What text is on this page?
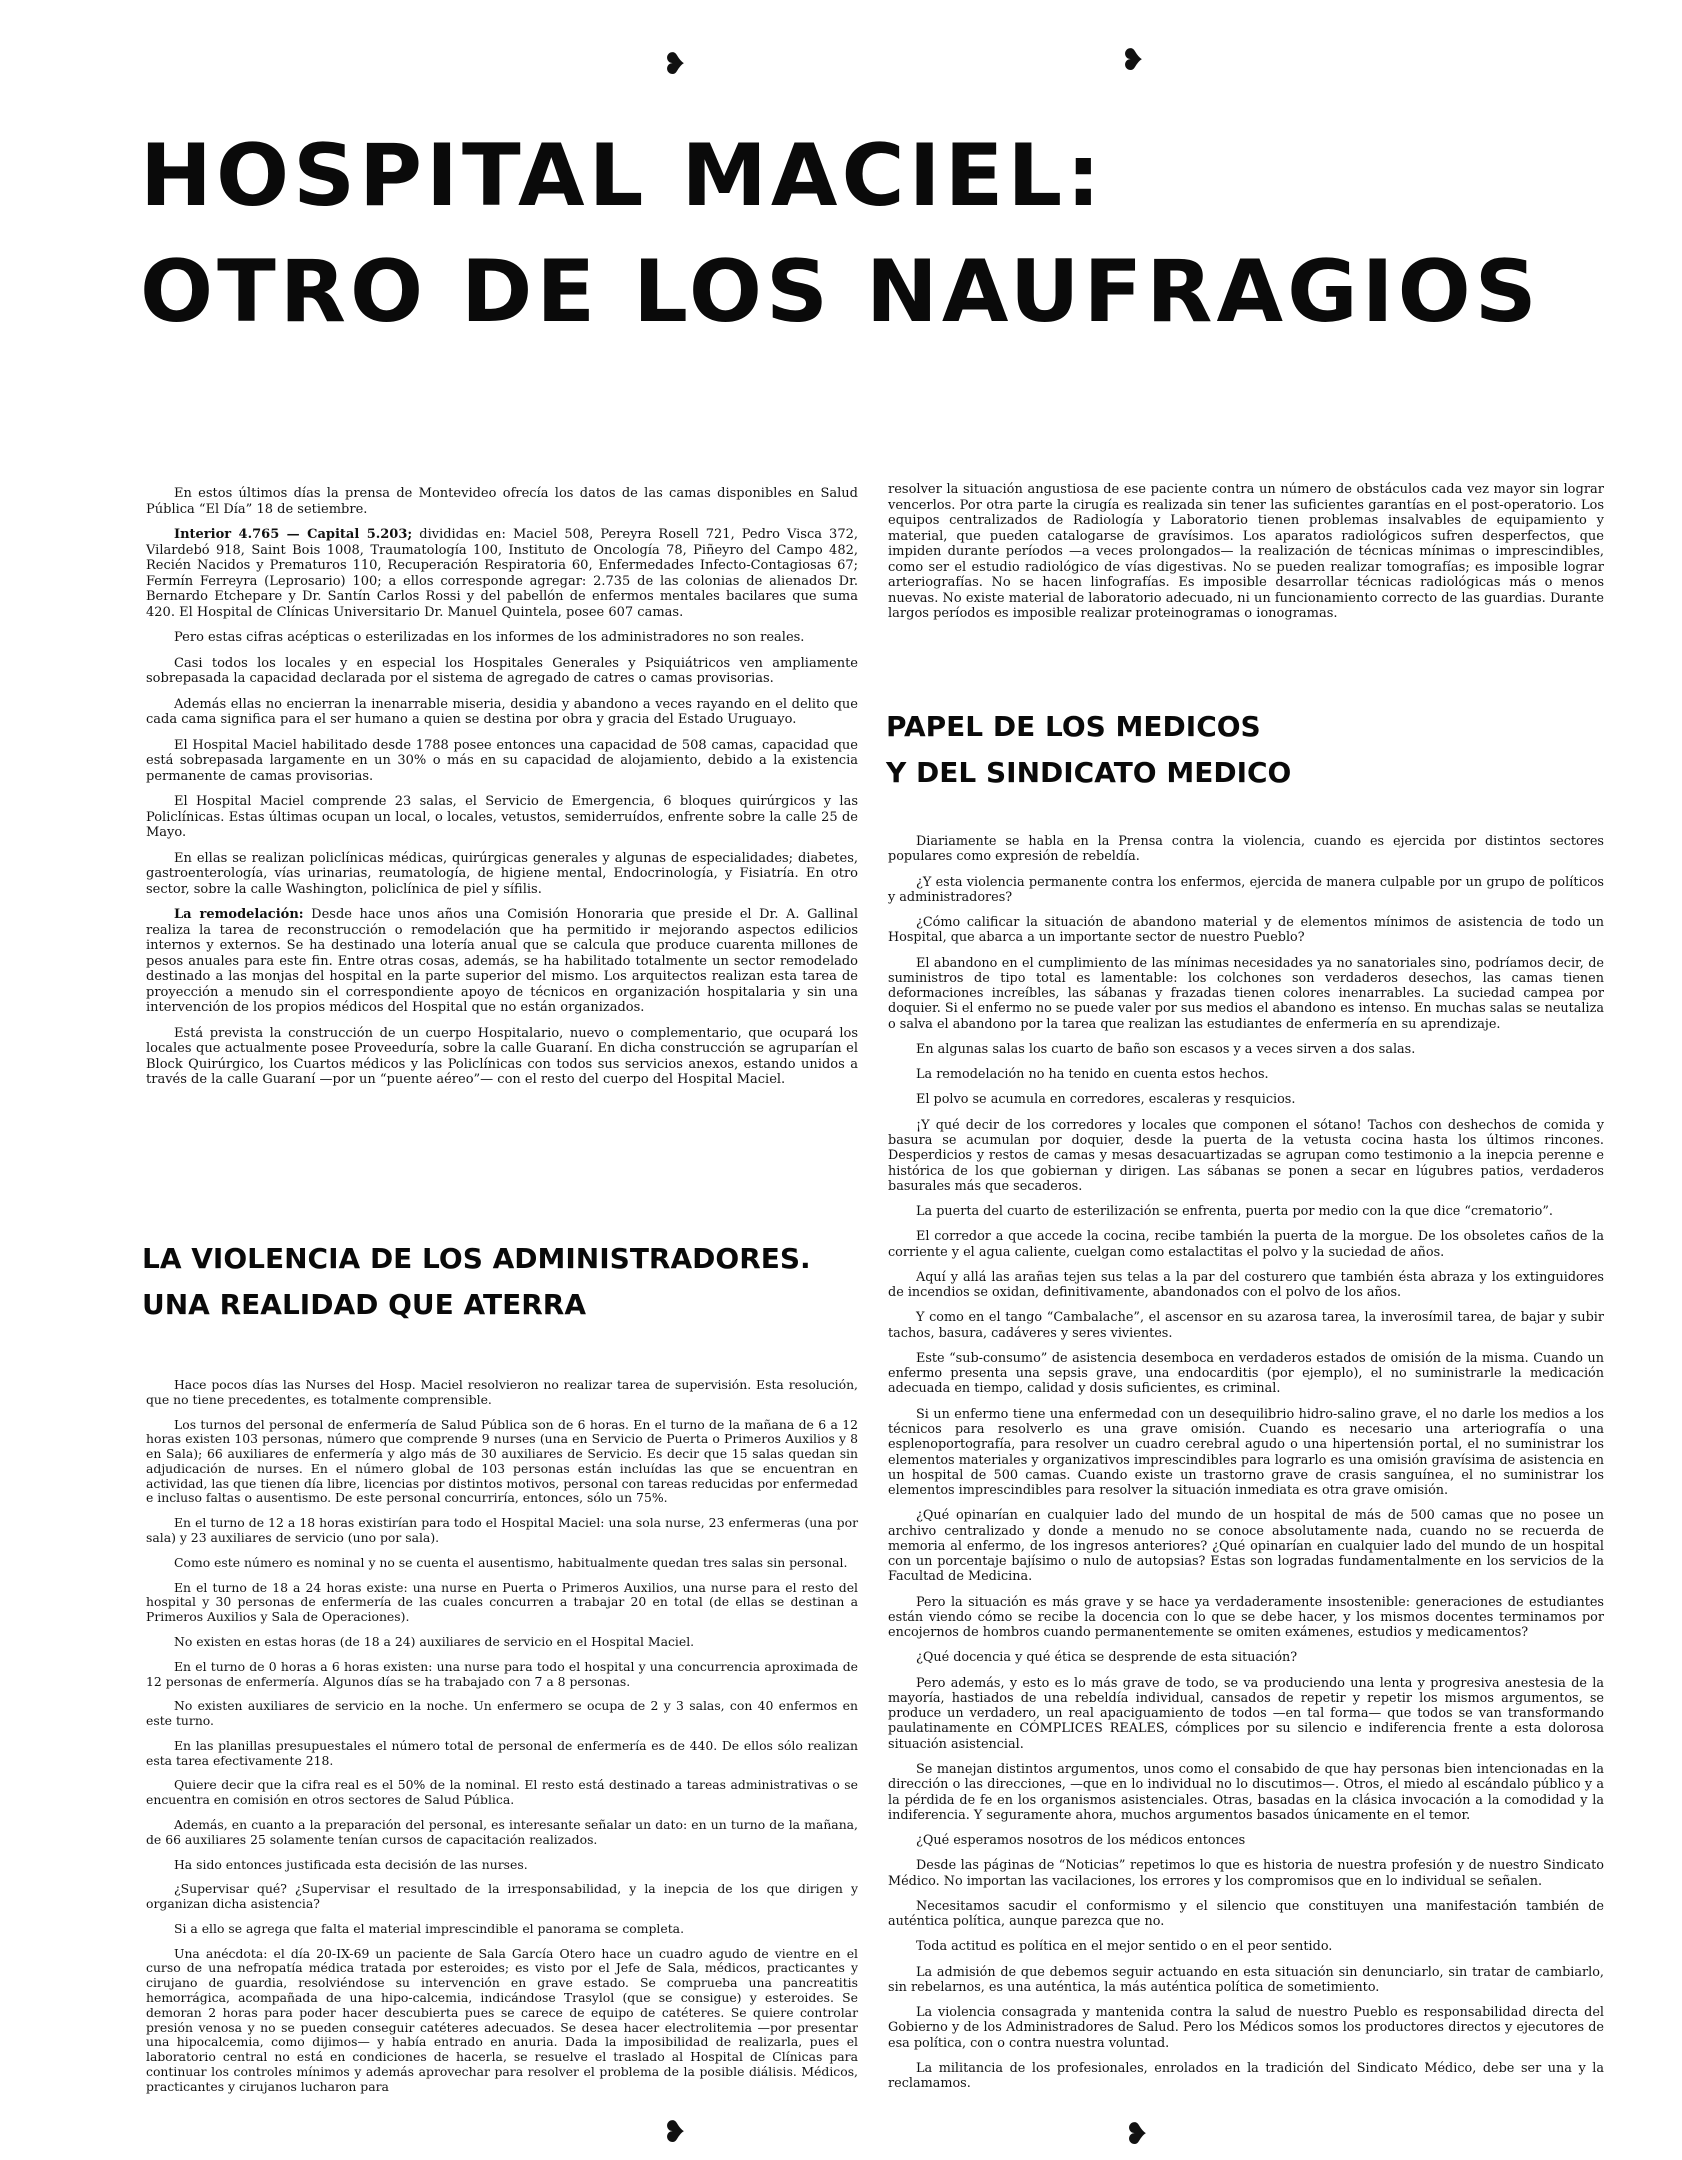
❥	❥
❥	❥
HOSPITAL MACIEL:
OTRO DE LOS NAUFRAGIOS

En estos últimos días la prensa de Montevideo ofrecía los datos de las camas disponibles en Salud Pública “El Día” 18 de setiembre.

Interior 4.765 — Capital 5.203; divididas en: Maciel 508, Pereyra Rosell 721, Pedro Visca 372, Vilardebó 918, Saint Bois 1008, Traumatología 100, Instituto de Oncología 78, Piñeyro del Campo 482, Recién Nacidos y Prematuros 110, Recuperación Respiratoria 60, Enfermedades Infecto-Contagiosas 67; Fermín Ferreyra (Leprosario) 100; a ellos corresponde agregar: 2.735 de las colonias de alienados Dr. Bernardo Etchepare y Dr. Santín Carlos Rossi y del pabellón de enfermos mentales bacilares que suma 420. El Hospital de Clínicas Universitario Dr. Manuel Quintela, posee 607 camas.

Pero estas cifras acépticas o esterilizadas en los informes de los administradores no son reales.

Casi todos los locales y en especial los Hospitales Generales y Psiquiátricos ven ampliamente sobrepasada la capacidad declarada por el sistema de agregado de catres o camas provisorias.

Además ellas no encierran la inenarrable miseria, desidia y abandono a veces rayando en el delito que cada cama significa para el ser humano a quien se destina por obra y gracia del Estado Uruguayo.

El Hospital Maciel habilitado desde 1788 posee entonces una capacidad de 508 camas, capacidad que está sobrepasada largamente en un 30% o más en su capacidad de alojamiento, debido a la existencia permanente de camas provisorias.

El Hospital Maciel comprende 23 salas, el Servicio de Emergencia, 6 bloques quirúrgicos y las Policlínicas. Estas últimas ocupan un local, o locales, vetustos, semiderruídos, enfrente sobre la calle 25 de Mayo.

En ellas se realizan policlínicas médicas, quirúrgicas generales y algunas de especialidades; diabetes, gastroenterología, vías urinarias, reumatología, de higiene mental, Endocrinología, y Fisiatría. En otro sector, sobre la calle Washington, policlínica de piel y sífilis.

La remodelación: Desde hace unos años una Comisión Honoraria que preside el Dr. A. Gallinal realiza la tarea de reconstrucción o remodelación que ha permitido ir mejorando aspectos edilicios internos y externos. Se ha destinado una lotería anual que se calcula que produce cuarenta millones de pesos anuales para este fin. Entre otras cosas, además, se ha habilitado totalmente un sector remodelado destinado a las monjas del hospital en la parte superior del mismo. Los arquitectos realizan esta tarea de proyección a menudo sin el correspondiente apoyo de técnicos en organización hospitalaria y sin una intervención de los propios médicos del Hospital que no están organizados.

Está prevista la construcción de un cuerpo Hospitalario, nuevo o complementario, que ocupará los locales que actualmente posee Proveeduría, sobre la calle Guaraní. En dicha construcción se agruparían el Block Quirúrgico, los Cuartos médicos y las Policlínicas con todos sus servicios anexos, estando unidos a través de la calle Guaraní —por un “puente aéreo”— con el resto del cuerpo del Hospital Maciel.

LA VIOLENCIA DE LOS ADMINISTRADORES.
UNA REALIDAD QUE ATERRA

Hace pocos días las Nurses del Hosp. Maciel resolvieron no realizar tarea de supervisión. Esta resolución, que no tiene precedentes, es totalmente comprensible.

Los turnos del personal de enfermería de Salud Pública son de 6 horas. En el turno de la mañana de 6 a 12 horas existen 103 personas, número que comprende 9 nurses (una en Servicio de Puerta o Primeros Auxilios y 8 en Sala); 66 auxiliares de enfermería y algo más de 30 auxiliares de Servicio. Es decir que 15 salas quedan sin adjudicación de nurses. En el número global de 103 personas están incluídas las que se encuentran en actividad, las que tienen día libre, licencias por distintos motivos, personal con tareas reducidas por enfermedad e incluso faltas o ausentismo. De este personal concurriría, entonces, sólo un 75%.

En el turno de 12 a 18 horas existirían para todo el Hospital Maciel: una sola nurse, 23 enfermeras (una por sala) y 23 auxiliares de servicio (uno por sala).

Como este número es nominal y no se cuenta el ausentismo, habitualmente quedan tres salas sin personal.

En el turno de 18 a 24 horas existe: una nurse en Puerta o Primeros Auxilios, una nurse para el resto del hospital y 30 personas de enfermería de las cuales concurren a trabajar 20 en total (de ellas se destinan a Primeros Auxilios y Sala de Operaciones).

No existen en estas horas (de 18 a 24) auxiliares de servicio en el Hospital Maciel.

En el turno de 0 horas a 6 horas existen: una nurse para todo el hospital y una concurrencia aproximada de 12 personas de enfermería. Algunos días se ha trabajado con 7 a 8 personas.

No existen auxiliares de servicio en la noche. Un enfermero se ocupa de 2 y 3 salas, con 40 enfermos en este turno.

En las planillas presupuestales el número total de personal de enfermería es de 440. De ellos sólo realizan esta tarea efectivamente 218.

Quiere decir que la cifra real es el 50% de la nominal. El resto está destinado a tareas administrativas o se encuentra en comisión en otros sectores de Salud Pública.

Además, en cuanto a la preparación del personal, es interesante señalar un dato: en un turno de la mañana, de 66 auxiliares 25 solamente tenían cursos de capacitación realizados.

Ha sido entonces justificada esta decisión de las nurses.

¿Supervisar qué? ¿Supervisar el resultado de la irresponsabilidad, y la inepcia de los que dirigen y organizan dicha asistencia?

Si a ello se agrega que falta el material imprescindible el panorama se completa.

Una anécdota: el día 20-IX-69 un paciente de Sala García Otero hace un cuadro agudo de vientre en el curso de una nefropatía médica tratada por esteroides; es visto por el Jefe de Sala, médicos, practicantes y cirujano de guardia, resolviéndose su intervención en grave estado. Se comprueba una pancreatitis hemorrágica, acompañada de una hipo-calcemia, indicándose Trasylol (que se consigue) y esteroides. Se demoran 2 horas para poder hacer descubierta pues se carece de equipo de catéteres. Se quiere controlar presión venosa y no se pueden conseguir catéteres adecuados. Se desea hacer electrolitemia —por presentar una hipocalcemia, como dijimos— y había entrado en anuria. Dada la imposibilidad de realizarla, pues el laboratorio central no está en condiciones de hacerla, se resuelve el traslado al Hospital de Clínicas para continuar los controles mínimos y además aprovechar para resolver el problema de la posible diálisis. Médicos, practicantes y cirujanos lucharon para

resolver la situación angustiosa de ese paciente contra un número de obstáculos cada vez mayor sin lograr vencerlos. Por otra parte la cirugía es realizada sin tener las suficientes garantías en el post-operatorio. Los equipos centralizados de Radiología y Laboratorio tienen problemas insalvables de equipamiento y material, que pueden catalogarse de gravísimos. Los aparatos radiológicos sufren desperfectos, que impiden durante períodos —a veces prolongados— la realización de técnicas mínimas o imprescindibles, como ser el estudio radiológico de vías digestivas. No se pueden realizar tomografías; es imposible lograr arteriografías. No se hacen linfografías. Es imposible desarrollar técnicas radiológicas más o menos nuevas. No existe material de laboratorio adecuado, ni un funcionamiento correcto de las guardias. Durante largos períodos es imposible realizar proteinogramas o ionogramas.

PAPEL DE LOS MEDICOS
Y DEL SINDICATO MEDICO

Diariamente se habla en la Prensa contra la violencia, cuando es ejercida por distintos sectores populares como expresión de rebeldía.

¿Y esta violencia permanente contra los enfermos, ejercida de manera culpable por un grupo de políticos y administradores?

¿Cómo calificar la situación de abandono material y de elementos mínimos de asistencia de todo un Hospital, que abarca a un importante sector de nuestro Pueblo?

El abandono en el cumplimiento de las mínimas necesidades ya no sanatoriales sino, podríamos decir, de suministros de tipo total es lamentable: los colchones son verdaderos desechos, las camas tienen deformaciones increíbles, las sábanas y frazadas tienen colores inenarrables. La suciedad campea por doquier. Si el enfermo no se puede valer por sus medios el abandono es intenso. En muchas salas se neutaliza o salva el abandono por la tarea que realizan las estudiantes de enfermería en su aprendizaje.

En algunas salas los cuarto de baño son escasos y a veces sirven a dos salas.

La remodelación no ha tenido en cuenta estos hechos.

El polvo se acumula en corredores, escaleras y resquicios.

¡Y qué decir de los corredores y locales que componen el sótano! Tachos con deshechos de comida y basura se acumulan por doquier, desde la puerta de la vetusta cocina hasta los últimos rincones. Desperdicios y restos de camas y mesas desacuartizadas se agrupan como testimonio a la inepcia perenne e histórica de los que gobiernan y dirigen. Las sábanas se ponen a secar en lúgubres patios, verdaderos basurales más que secaderos.

La puerta del cuarto de esterilización se enfrenta, puerta por medio con la que dice “crematorio”.

El corredor a que accede la cocina, recibe también la puerta de la morgue. De los obsoletes caños de la corriente y el agua caliente, cuelgan como estalactitas el polvo y la suciedad de años.

Aquí y allá las arañas tejen sus telas a la par del costurero que también ésta abraza y los extinguidores de incendios se oxidan, definitivamente, abandonados con el polvo de los años.

Y como en el tango “Cambalache”, el ascensor en su azarosa tarea, la inverosímil tarea, de bajar y subir tachos, basura, cadáveres y seres vivientes.

Este “sub-consumo” de asistencia desemboca en verdaderos estados de omisión de la misma. Cuando un enfermo presenta una sepsis grave, una endocarditis (por ejemplo), el no suministrarle la medicación adecuada en tiempo, calidad y dosis suficientes, es criminal.

Si un enfermo tiene una enfermedad con un desequilibrio hidro-salino grave, el no darle los medios a los técnicos para resolverlo es una grave omisión. Cuando es necesario una arteriografía o una esplenoportografía, para resolver un cuadro cerebral agudo o una hipertensión portal, el no suministrar los elementos materiales y organizativos imprescindibles para lograrlo es una omisión gravísima de asistencia en un hospital de 500 camas. Cuando existe un trastorno grave de crasis sanguínea, el no suministrar los elementos imprescindibles para resolver la situación inmediata es otra grave omisión.

¿Qué opinarían en cualquier lado del mundo de un hospital de más de 500 camas que no posee un archivo centralizado y donde a menudo no se conoce absolutamente nada, cuando no se recuerda de memoria al enfermo, de los ingresos anteriores? ¿Qué opinarían en cualquier lado del mundo de un hospital con un porcentaje bajísimo o nulo de autopsias? Estas son logradas fundamentalmente en los servicios de la Facultad de Medicina.

Pero la situación es más grave y se hace ya verdaderamente insostenible: generaciones de estudiantes están viendo cómo se recibe la docencia con lo que se debe hacer, y los mismos docentes terminamos por encojernos de hombros cuando permanentemente se omiten exámenes, estudios y medicamentos?

¿Qué docencia y qué ética se desprende de esta situación?

Pero además, y esto es lo más grave de todo, se va produciendo una lenta y progresiva anestesia de la mayoría, hastiados de una rebeldía individual, cansados de repetir y repetir los mismos argumentos, se produce un verdadero, un real apaciguamiento de todos —en tal forma— que todos se van transformando paulatinamente en CÓMPLICES REALES, cómplices por su silencio e indiferencia frente a esta dolorosa situación asistencial.

Se manejan distintos argumentos, unos como el consabido de que hay personas bien intencionadas en la dirección o las direcciones, —que en lo individual no lo discutimos—. Otros, el miedo al escándalo público y a la pérdida de fe en los organismos asistenciales. Otras, basadas en la clásica invocación a la comodidad y la indiferencia. Y seguramente ahora, muchos argumentos basados únicamente en el temor.

¿Qué esperamos nosotros de los médicos entonces

Desde las páginas de “Noticias” repetimos lo que es historia de nuestra profesión y de nuestro Sindicato Médico. No importan las vacilaciones, los errores y los compromisos que en lo individual se señalen.

Necesitamos sacudir el conformismo y el silencio que constituyen una manifestación también de auténtica política, aunque parezca que no.

Toda actitud es política en el mejor sentido o en el peor sentido.

La admisión de que debemos seguir actuando en esta situación sin denunciarlo, sin tratar de cambiarlo, sin rebelarnos, es una auténtica, la más auténtica política de sometimiento.

La violencia consagrada y mantenida contra la salud de nuestro Pueblo es responsabilidad directa del Gobierno y de los Administradores de Salud. Pero los Médicos somos los productores directos y ejecutores de esa política, con o contra nuestra voluntad.

La militancia de los profesionales, enrolados en la tradición del Sindicato Médico, debe ser una y la reclamamos.
